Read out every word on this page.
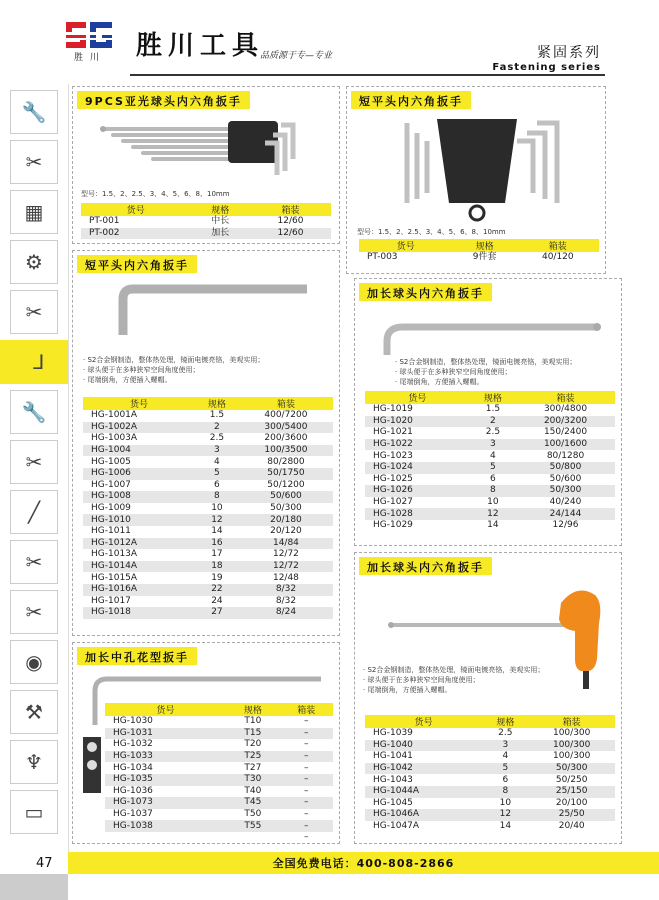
胜 川 胜川工具
品质源于专—专业	紧固系列
Fastening series
🔧
✂
▦
⚙
✂
⅃
🔧
✂
╱
✂
✂
◉
⚒
♆
▭
9PCS亚光球头内六角扳手
型号：1.5、2、2.5、3、4、5、6、8、10mm
货号	规格	箱装
PT-001	中长	12/60
PT-002	加长	12/60
短平头内六角扳手
型号：1.5、2、2.5、3、4、5、6、8、10mm
货号	规格	箱装
PT-003	9件套	40/120
短平头内六角扳手
· S2合金钢制造，整体热处理，镜面电镀亮铬，美观实用；
· 球头便于在多种狭窄空间角度使用；
· 尾端倒角，方便插入螺帽。
货号	规格	箱装
HG-1001A	1.5	400/7200
HG-1002A	2	300/5400
HG-1003A	2.5	200/3600
HG-1004	3	100/3500
HG-1005	4	80/2800
HG-1006	5	50/1750
HG-1007	6	50/1200
HG-1008	8	50/600
HG-1009	10	50/300
HG-1010	12	20/180
HG-1011	14	20/120
HG-1012A	16	14/84
HG-1013A	17	12/72
HG-1014A	18	12/72
HG-1015A	19	12/48
HG-1016A	22	8/32
HG-1017	24	8/32
HG-1018	27	8/24
加长球头内六角扳手
· S2合金钢制造，整体热处理，镜面电镀亮铬，美观实用；
· 球头便于在多种狭窄空间角度使用；
· 尾端倒角，方便插入螺帽。
货号	规格	箱装
HG-1019	1.5	300/4800
HG-1020	2	200/3200
HG-1021	2.5	150/2400
HG-1022	3	100/1600
HG-1023	4	80/1280
HG-1024	5	50/800
HG-1025	6	50/600
HG-1026	8	50/300
HG-1027	10	40/240
HG-1028	12	24/144
HG-1029	14	12/96
加长中孔花型扳手
货号	规格	箱装
HG-1030	T10	–
HG-1031	T15	–
HG-1032	T20	–
HG-1033	T25	–
HG-1034	T27	–
HG-1035	T30	–
HG-1036	T40	–
HG-1073	T45	–
HG-1037	T50	–
HG-1038	T55	–
		–
加长球头内六角扳手
· S2合金钢制造，整体热处理，镜面电镀亮铬，美观实用；
· 球头便于在多种狭窄空间角度使用；
· 尾端倒角，方便插入螺帽。
货号	规格	箱装
HG-1039	2.5	100/300
HG-1040	3	100/300
HG-1041	4	100/300
HG-1042	5	50/300
HG-1043	6	50/250
HG-1044A	8	25/150
HG-1045	10	20/100
HG-1046A	12	25/50
HG-1047A	14	20/40
全国免费电话：400-808-2866
47
